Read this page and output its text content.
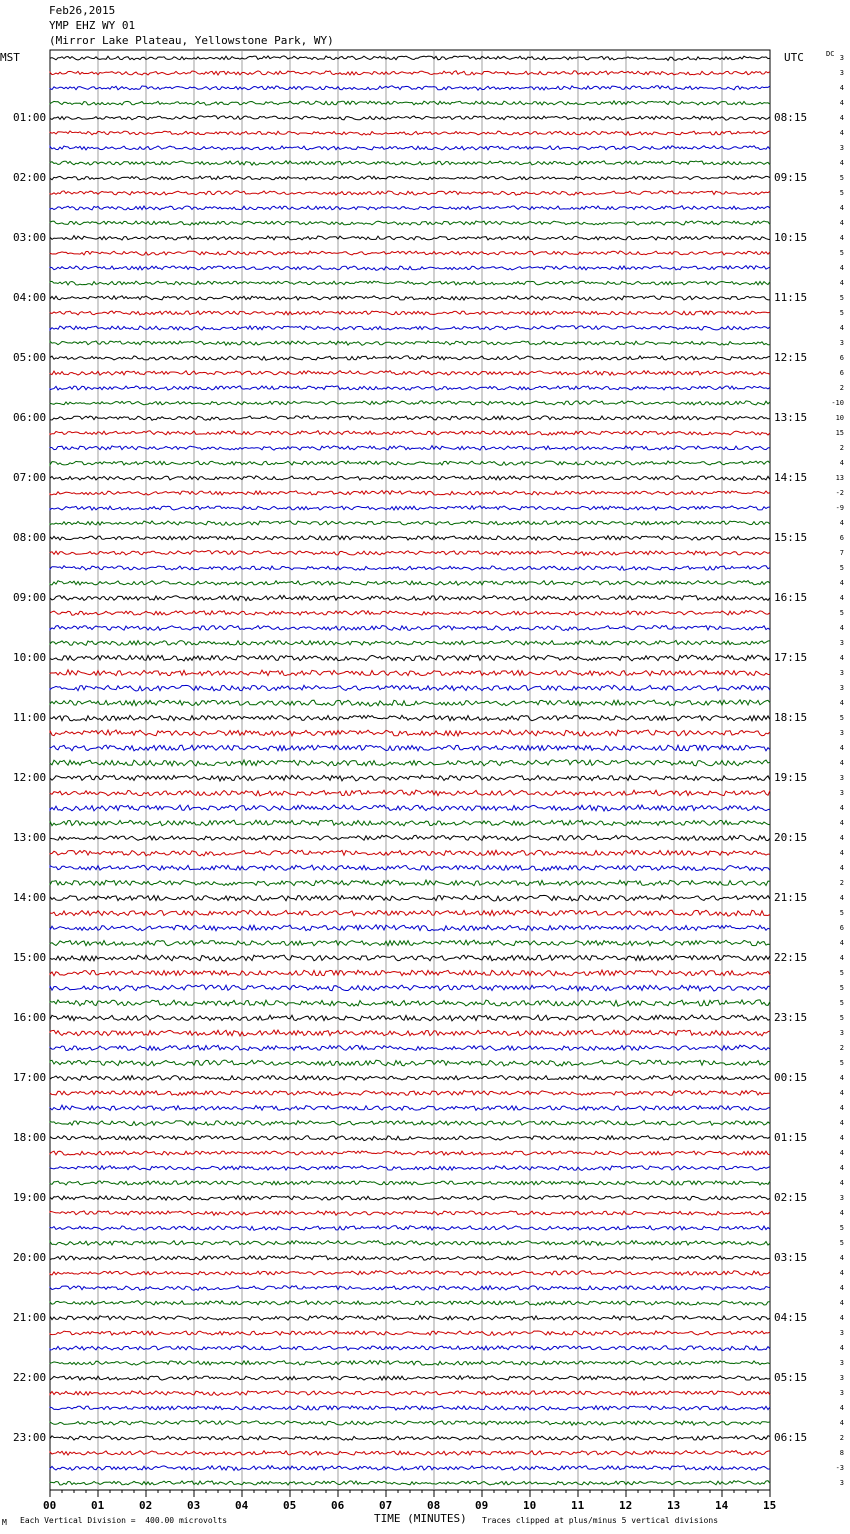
Feb26,2015
YMP EHZ WY 01
(Mirror Lake Plateau, Yellowstone Park, WY)
MST	UTC	DC
01:00	08:15
02:00	09:15
03:00	10:15
04:00	11:15
05:00	12:15
06:00	13:15
07:00	14:15
08:00	15:15
09:00	16:15
10:00	17:15
11:00	18:15
12:00	19:15
13:00	20:15
14:00	21:15
15:00	22:15
16:00	23:15
17:00	00:15
18:00	01:15
19:00	02:15
20:00	03:15
21:00	04:15
22:00	05:15
23:00	06:15
3
3
4
4
4
4
3
4
5
5
4
4
4
5
4
4
5
5
4
3
6
6
2
-10
10
15
2
4
13
-2
-9
4
6
7
5
4
4
5
4
3
4
3
3
4
5
3
4
4
3
3
4
4
4
4
4
2
4
5
6
4
4
5
5
5
5
3
2
5
4
4
4
4
4
4
4
4
3
4
5
5
4
4
4
4
4
3
4
3
3
3
4
4
2
8
-3
3
00	01	02	03	04	05	06	07	08	09	10	11	12	13	14	15
M Each Vertical Division =  400.00 microvolts	TIME (MINUTES) Traces clipped at plus/minus 5 vertical divisions
